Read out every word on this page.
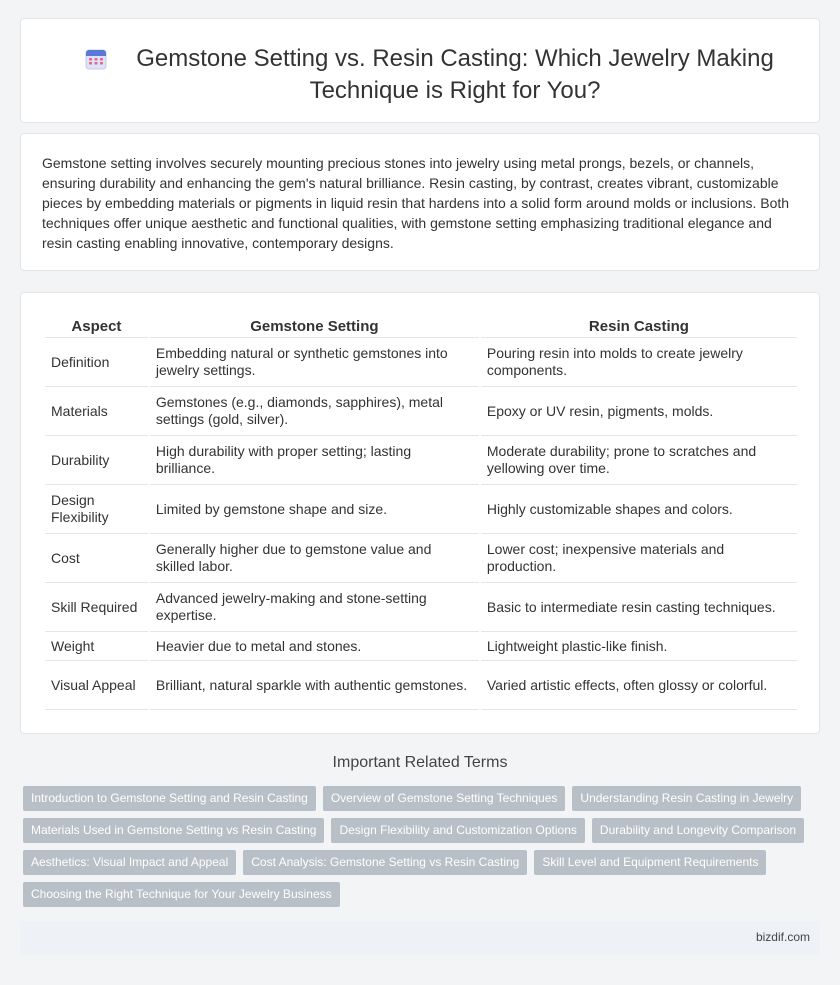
Gemstone Setting vs. Resin Casting: Which Jewelry Making Technique is Right for You?

Gemstone setting involves securely mounting precious stones into jewelry using metal prongs, bezels, or channels, ensuring durability and enhancing the gem's natural brilliance. Resin casting, by contrast, creates vibrant, customizable pieces by embedding materials or pigments in liquid resin that hardens into a solid form around molds or inclusions. Both techniques offer unique aesthetic and functional qualities, with gemstone setting emphasizing traditional elegance and resin casting enabling innovative, contemporary designs.

Aspect	Gemstone Setting	Resin Casting
Definition	Embedding natural or synthetic gemstones into jewelry settings.	Pouring resin into molds to create jewelry components.
Materials	Gemstones (e.g., diamonds, sapphires), metal settings (gold, silver).	Epoxy or UV resin, pigments, molds.
Durability	High durability with proper setting; lasting brilliance.	Moderate durability; prone to scratches and yellowing over time.
Design Flexibility	Limited by gemstone shape and size.	Highly customizable shapes and colors.
Cost	Generally higher due to gemstone value and skilled labor.	Lower cost; inexpensive materials and production.
Skill Required	Advanced jewelry-making and stone-setting expertise.	Basic to intermediate resin casting techniques.
Weight	Heavier due to metal and stones.	Lightweight plastic-like finish.
Visual Appeal	Brilliant, natural sparkle with authentic gemstones.	Varied artistic effects, often glossy or colorful.
Important Related Terms
Introduction to Gemstone Setting and Resin Casting	Overview of Gemstone Setting Techniques	Understanding Resin Casting in Jewelry
Materials Used in Gemstone Setting vs Resin Casting	Design Flexibility and Customization Options	Durability and Longevity Comparison
Aesthetics: Visual Impact and Appeal	Cost Analysis: Gemstone Setting vs Resin Casting	Skill Level and Equipment Requirements
Choosing the Right Technique for Your Jewelry Business
bizdif.com
